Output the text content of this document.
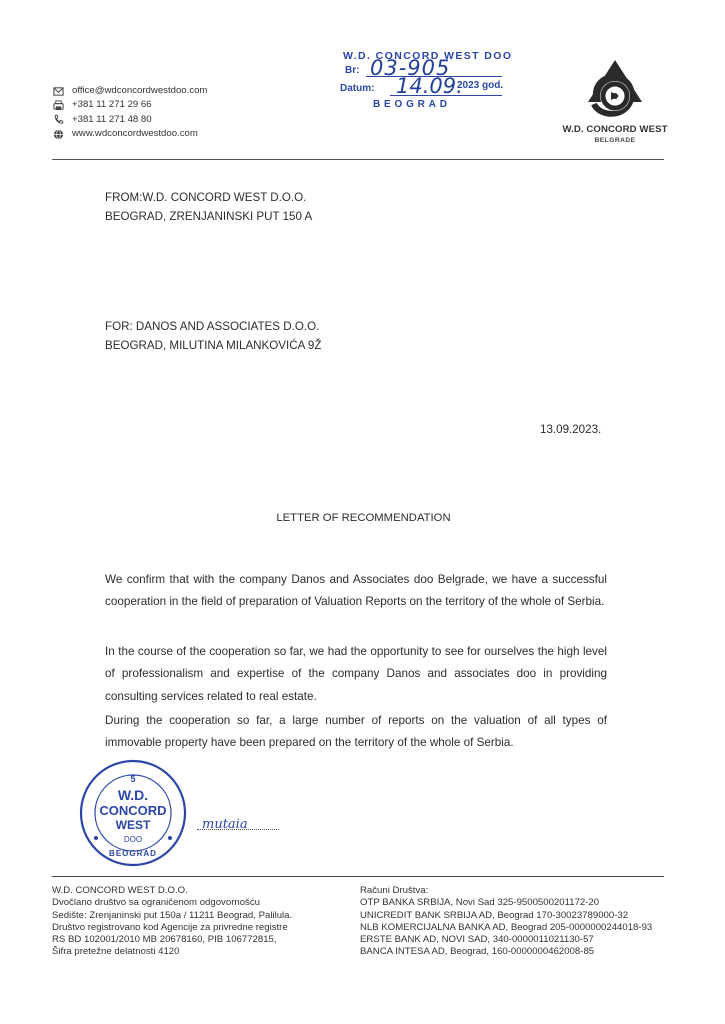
office@wdconcordwestdoo.com
+381 11 271 29 66
+381 11 271 48 80
www.wdconcordwestdoo.com
W.D. CONCORD WEST DOO
Br: 03-905
Datum: 14.09.
2023 god.
BEOGRAD
W.D. CONCORD WEST
BELGRADE
FROM:W.D. CONCORD WEST D.O.O.
BEOGRAD, ZRENJANINSKI PUT 150 A
FOR: DANOS AND ASSOCIATES D.O.O.
BEOGRAD, MILUTINA MILANKOVIĆA 9Ž
13.09.2023.
LETTER OF RECOMMENDATION
We confirm that with the company Danos and Associates doo Belgrade, we have a successful cooperation in the field of preparation of Valuation Reports on the territory of the whole of Serbia.
In the course of the cooperation so far, we had the opportunity to see for ourselves the high level of professionalism and expertise of the company Danos and associates doo in providing consulting services related to real estate.
During the cooperation so far, a large number of reports on the valuation of all types of immovable property have been prepared on the territory of the whole of Serbia.
5
W.D.
CONCORD
WEST
DOO
BEOGRAD
mutaia
W.D. CONCORD WEST D.O.O.
Dvočlano društvo sa ograničenom odgovornošću
Sedište: Zrenjaninski put 150a / 11211 Beograd, Palilula.
Društvo registrovano kod Agencije za privredne registre
RS BD 102001/2010 MB 20678160, PIB 106772815,
Šifra pretežne delatnosti 4120
Računi Društva:
OTP BANKA SRBIJA, Novi Sad 325-9500500201172-20
UNICREDIT BANK SRBIJA AD, Beograd 170-30023789000-32
NLB KOMERCIJALNA BANKA AD, Beograd 205-0000000244018-93
ERSTE BANK AD, NOVI SAD, 340-0000011021130-57
BANCA INTESA AD, Beograd, 160-0000000462008-85
